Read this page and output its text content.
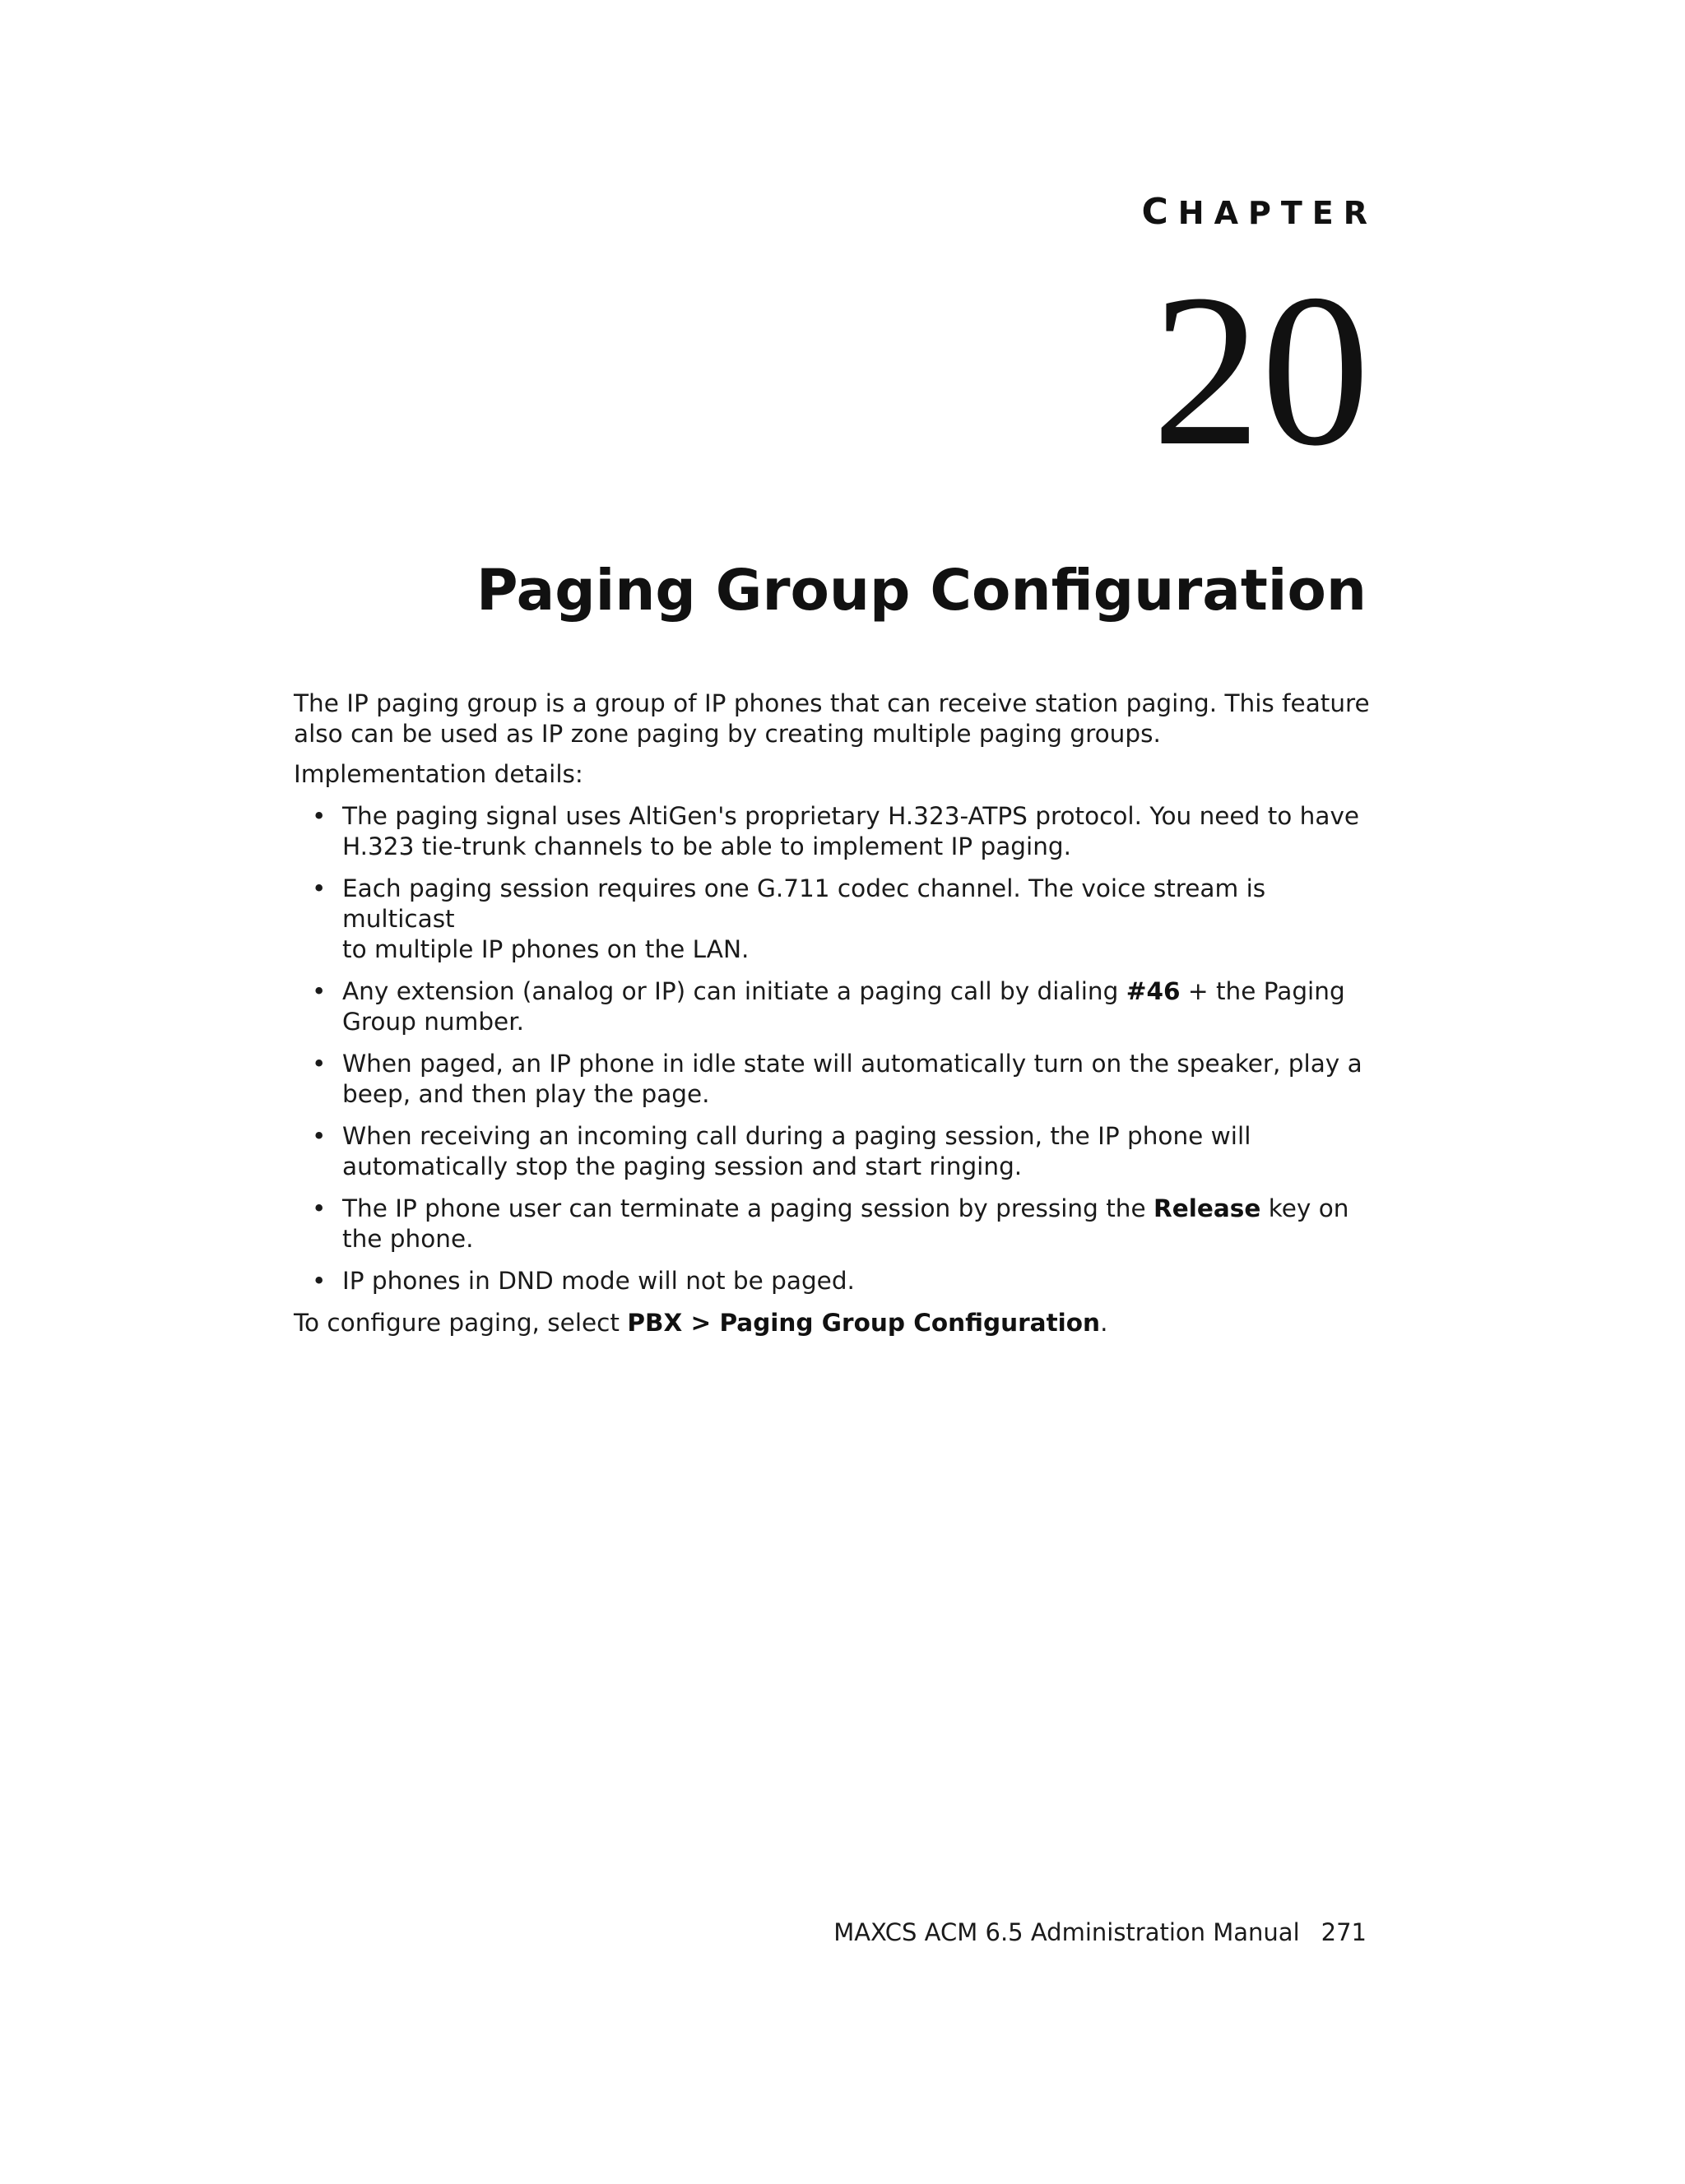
CHAPTER
20
Paging Group Configuration

The IP paging group is a group of IP phones that can receive station paging. This feature
also can be used as IP zone paging by creating multiple paging groups.

Implementation details:

• The paging signal uses AltiGen's proprietary H.323-ATPS protocol. You need to have
H.323 tie-trunk channels to be able to implement IP paging.
• Each paging session requires one G.711 codec channel. The voice stream is multicast
to multiple IP phones on the LAN.
• Any extension (analog or IP) can initiate a paging call by dialing #46 + the Paging
Group number.
• When paged, an IP phone in idle state will automatically turn on the speaker, play a
beep, and then play the page.
• When receiving an incoming call during a paging session, the IP phone will
automatically stop the paging session and start ringing.
• The IP phone user can terminate a paging session by pressing the Release key on
the phone.
• IP phones in DND mode will not be paged.

To configure paging, select PBX > Paging Group Configuration.

MAXCS ACM 6.5 Administration Manual 271
